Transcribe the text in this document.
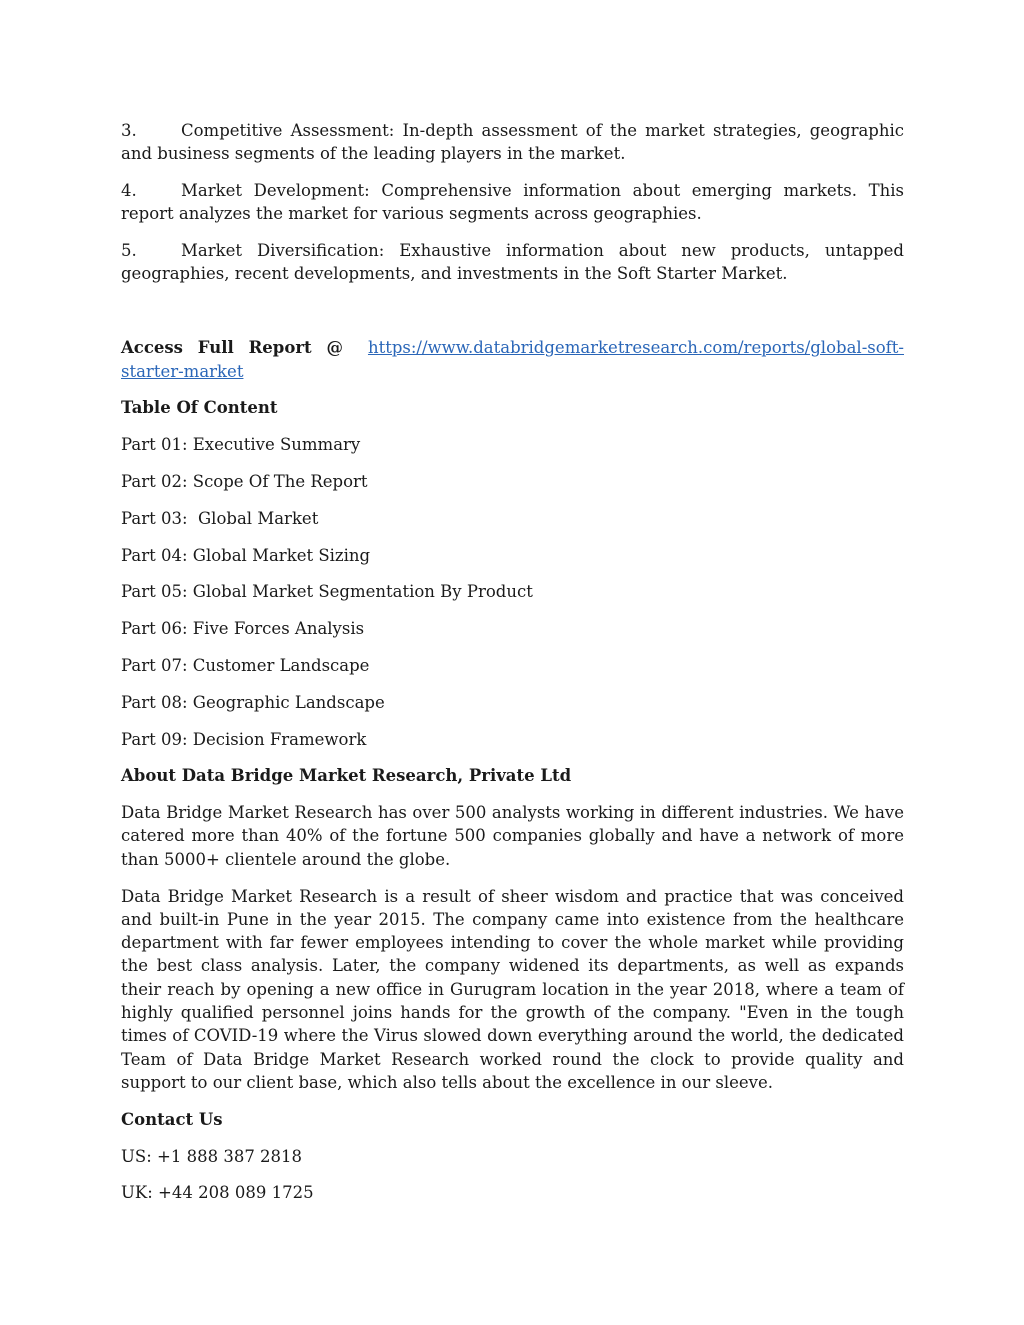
3.	Competitive Assessment: In-depth assessment of the market strategies, geographic and business segments of the leading players in the market.

4.	Market Development: Comprehensive information about emerging markets. This report analyzes the market for various segments across geographies.

5.	Market Diversification: Exhaustive information about new products, untapped geographies, recent developments, and investments in the Soft Starter Market.

Access Full Report @ https://www.databridgemarketresearch.com/reports/global-soft-starter-market

Table Of Content

Part 01: Executive Summary

Part 02: Scope Of The Report

Part 03:  Global Market

Part 04: Global Market Sizing

Part 05: Global Market Segmentation By Product

Part 06: Five Forces Analysis

Part 07: Customer Landscape

Part 08: Geographic Landscape

Part 09: Decision Framework

About Data Bridge Market Research, Private Ltd

Data Bridge Market Research has over 500 analysts working in different industries. We have catered more than 40% of the fortune 500 companies globally and have a network of more than 5000+ clientele around the globe.

Data Bridge Market Research is a result of sheer wisdom and practice that was conceived and built-in Pune in the year 2015. The company came into existence from the healthcare department with far fewer employees intending to cover the whole market while providing the best class analysis. Later, the company widened its departments, as well as expands their reach by opening a new office in Gurugram location in the year 2018, where a team of highly qualified personnel joins hands for the growth of the company. "Even in the tough times of COVID-19 where the Virus slowed down everything around the world, the dedicated Team of Data Bridge Market Research worked round the clock to provide quality and support to our client base, which also tells about the excellence in our sleeve.

Contact Us

US: +1 888 387 2818

UK: +44 208 089 1725
